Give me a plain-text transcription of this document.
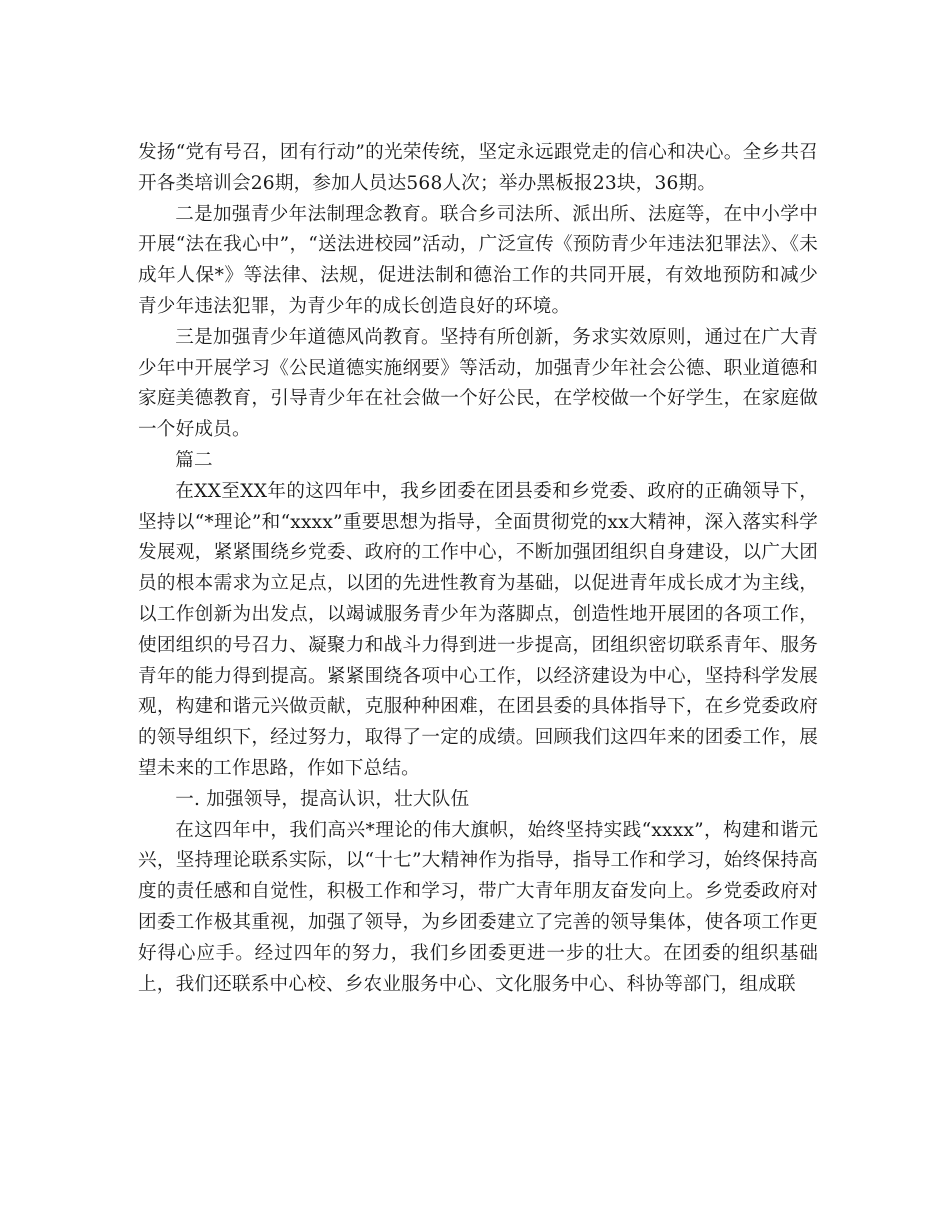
发扬“党有号召，团有行动”的光荣传统，坚定永远跟党走的信心和决心。全乡共召开各类培训会26期，参加人员达568人次；举办黑板报23块，36期。

二是加强青少年法制理念教育。联合乡司法所、派出所、法庭等，在中小学中开展“法在我心中”，“送法进校园”活动，广泛宣传《预防青少年违法犯罪法》、《未成年人保*》等法律、法规，促进法制和德治工作的共同开展，有效地预防和减少青少年违法犯罪，为青少年的成长创造良好的环境。

三是加强青少年道德风尚教育。坚持有所创新，务求实效原则，通过在广大青少年中开展学习《公民道德实施纲要》等活动，加强青少年社会公德、职业道德和家庭美德教育，引导青少年在社会做一个好公民，在学校做一个好学生，在家庭做一个好成员。

篇二

在XX至XX年的这四年中，我乡团委在团县委和乡党委、政府的正确领导下，坚持以“*理论”和“xxxx”重要思想为指导，全面贯彻党的xx大精神，深入落实科学发展观，紧紧围绕乡党委、政府的工作中心，不断加强团组织自身建设，以广大团员的根本需求为立足点，以团的先进性教育为基础，以促进青年成长成才为主线，以工作创新为出发点，以竭诚服务青少年为落脚点，创造性地开展团的各项工作，使团组织的号召力、凝聚力和战斗力得到进一步提高，团组织密切联系青年、服务青年的能力得到提高。紧紧围绕各项中心工作，以经济建设为中心，坚持科学发展观，构建和谐元兴做贡献，克服种种困难，在团县委的具体指导下，在乡党委政府的领导组织下，经过努力，取得了一定的成绩。回顾我们这四年来的团委工作，展望未来的工作思路，作如下总结。

一. 加强领导，提高认识，壮大队伍

在这四年中，我们高兴*理论的伟大旗帜，始终坚持实践“xxxx”，构建和谐元兴，坚持理论联系实际，以“十七”大精神作为指导，指导工作和学习，始终保持高度的责任感和自觉性，积极工作和学习，带广大青年朋友奋发向上。乡党委政府对团委工作极其重视，加强了领导，为乡团委建立了完善的领导集体，使各项工作更好得心应手。经过四年的努力，我们乡团委更进一步的壮大。在团委的组织基础上，我们还联系中心校、乡农业服务中心、文化服务中心、科协等部门，组成联
